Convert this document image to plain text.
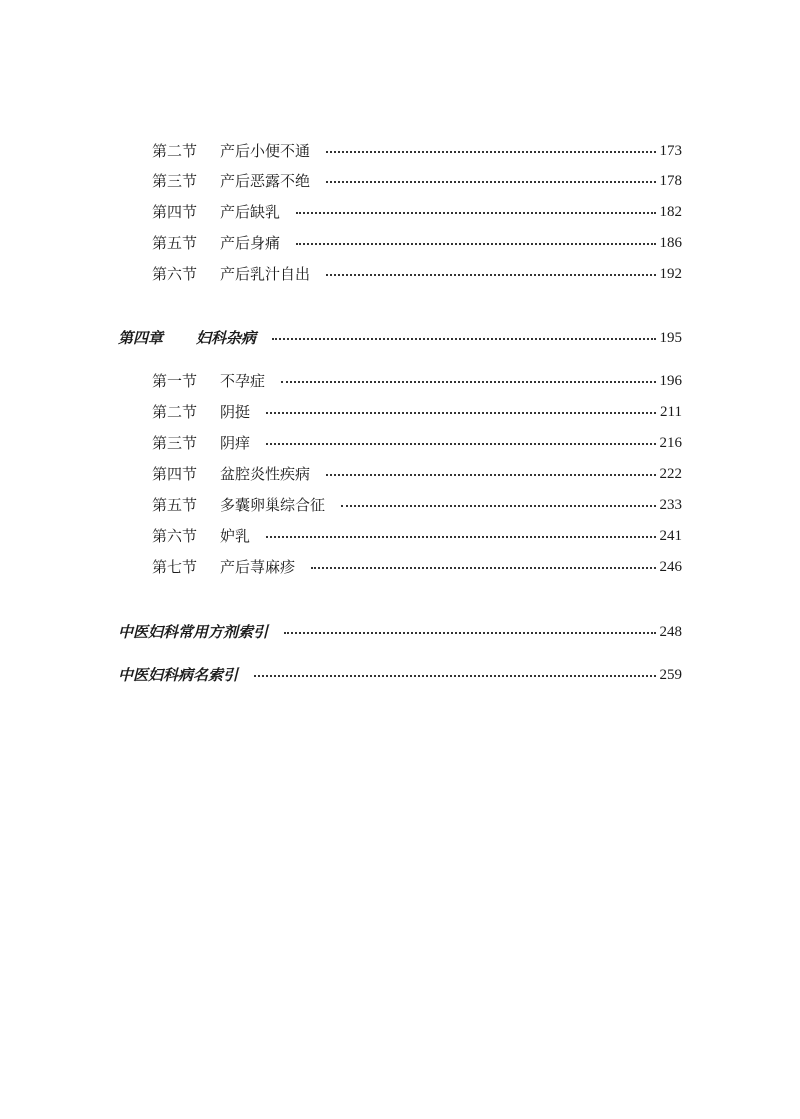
第二节	产后小便不通	173
第三节	产后恶露不绝	178
第四节	产后缺乳	182
第五节	产后身痛	186
第六节	产后乳汁自出	192
第四章	妇科杂病	195
第一节	不孕症	196
第二节	阴挺	211
第三节	阴痒	216
第四节	盆腔炎性疾病	222
第五节	多囊卵巢综合征	233
第六节	妒乳	241
第七节	产后荨麻疹	246
中医妇科常用方剂索引	248
中医妇科病名索引	259
